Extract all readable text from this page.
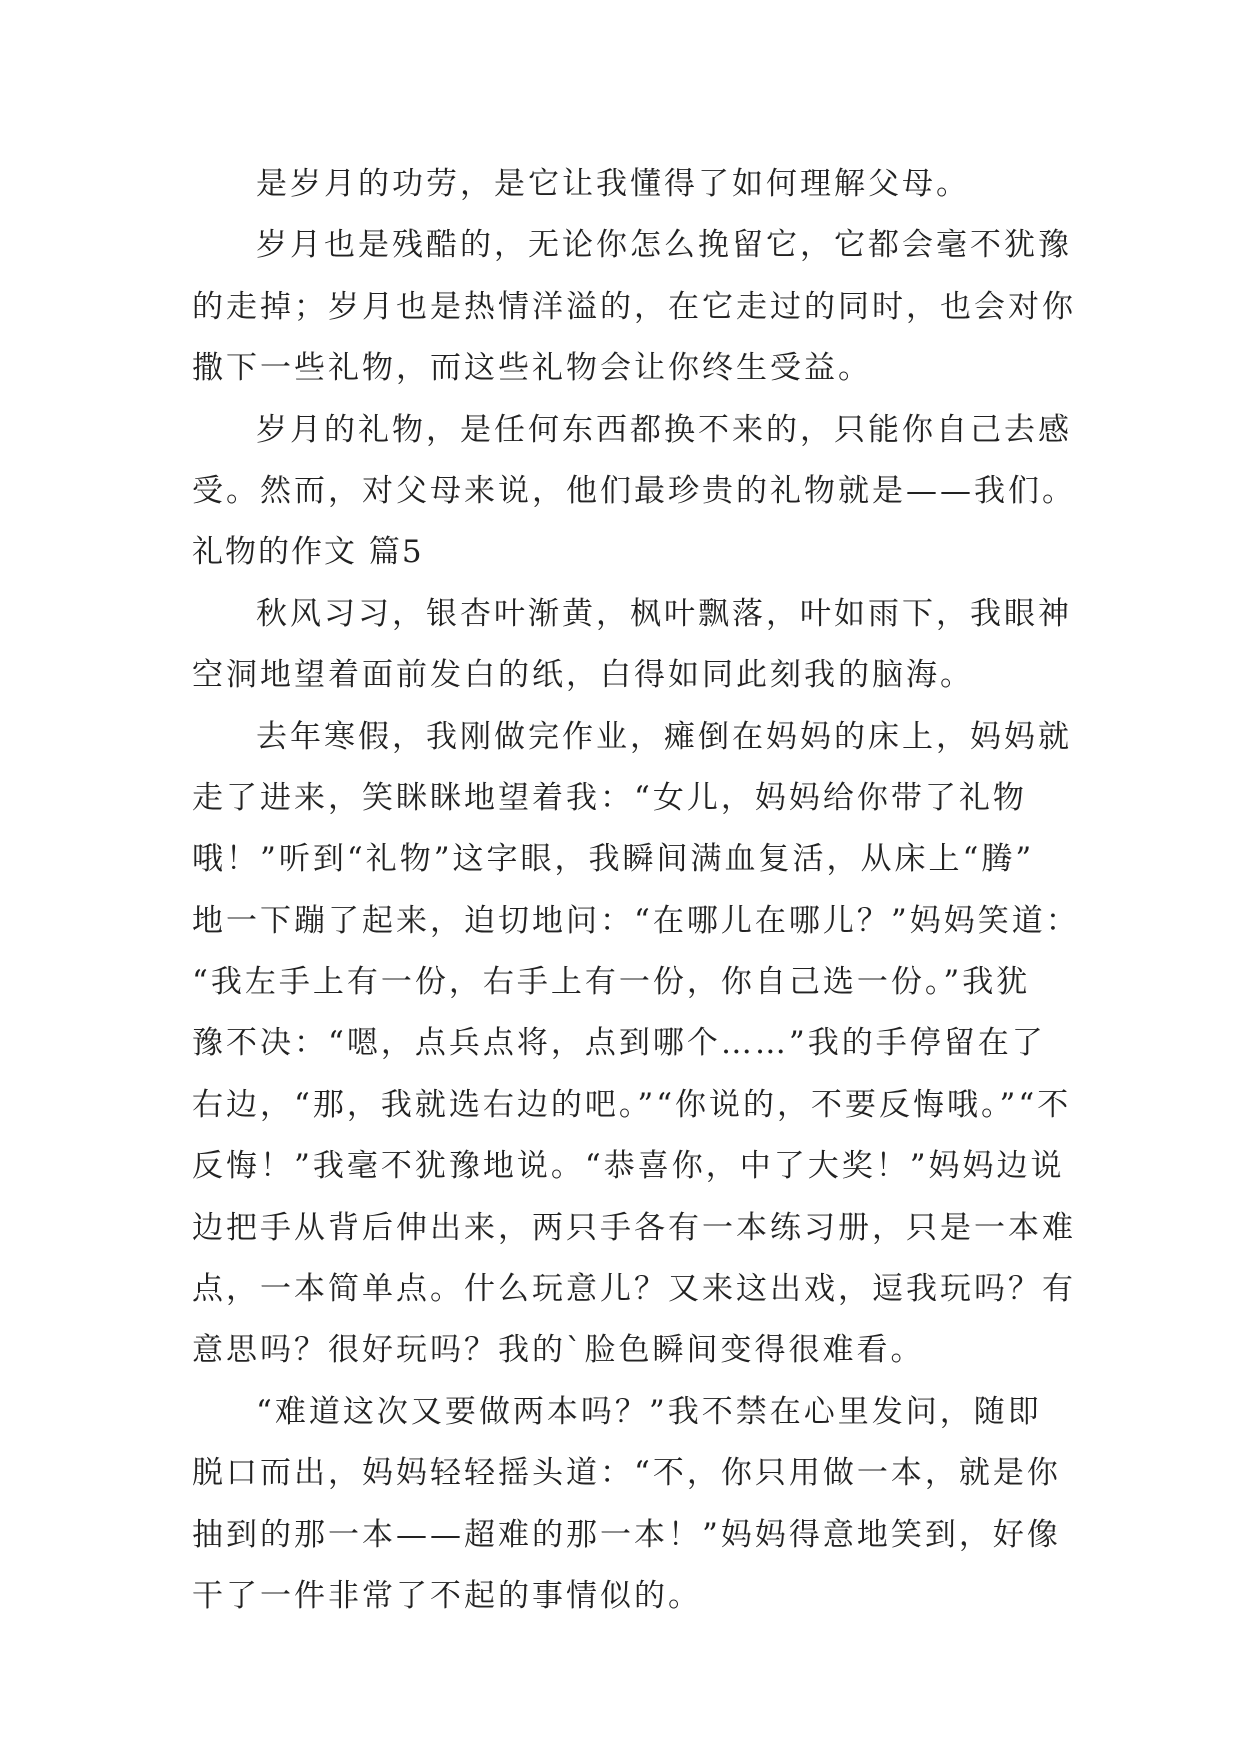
是岁月的功劳，是它让我懂得了如何理解父母。
岁月也是残酷的，无论你怎么挽留它，它都会毫不犹豫
的走掉；岁月也是热情洋溢的，在它走过的同时，也会对你
撒下一些礼物，而这些礼物会让你终生受益。
岁月的礼物，是任何东西都换不来的，只能你自己去感
受。然而，对父母来说，他们最珍贵的礼物就是——我们。
礼物的作文 篇5
秋风习习，银杏叶渐黄，枫叶飘落，叶如雨下，我眼神
空洞地望着面前发白的纸，白得如同此刻我的脑海。
去年寒假，我刚做完作业，瘫倒在妈妈的床上，妈妈就
走了进来，笑眯眯地望着我：“女儿，妈妈给你带了礼物
哦！”听到“礼物”这字眼，我瞬间满血复活，从床上“腾”
地一下蹦了起来，迫切地问：“在哪儿在哪儿？”妈妈笑道：
“我左手上有一份，右手上有一份，你自己选一份。”我犹
豫不决：“嗯，点兵点将，点到哪个……”我的手停留在了
右边，“那，我就选右边的吧。”“你说的，不要反悔哦。”“不
反悔！”我毫不犹豫地说。“恭喜你，中了大奖！”妈妈边说
边把手从背后伸出来，两只手各有一本练习册，只是一本难
点，一本简单点。什么玩意儿？又来这出戏，逗我玩吗？有
意思吗？很好玩吗？我的`脸色瞬间变得很难看。
“难道这次又要做两本吗？”我不禁在心里发问，随即
脱口而出，妈妈轻轻摇头道：“不，你只用做一本，就是你
抽到的那一本——超难的那一本！”妈妈得意地笑到，好像
干了一件非常了不起的事情似的。
